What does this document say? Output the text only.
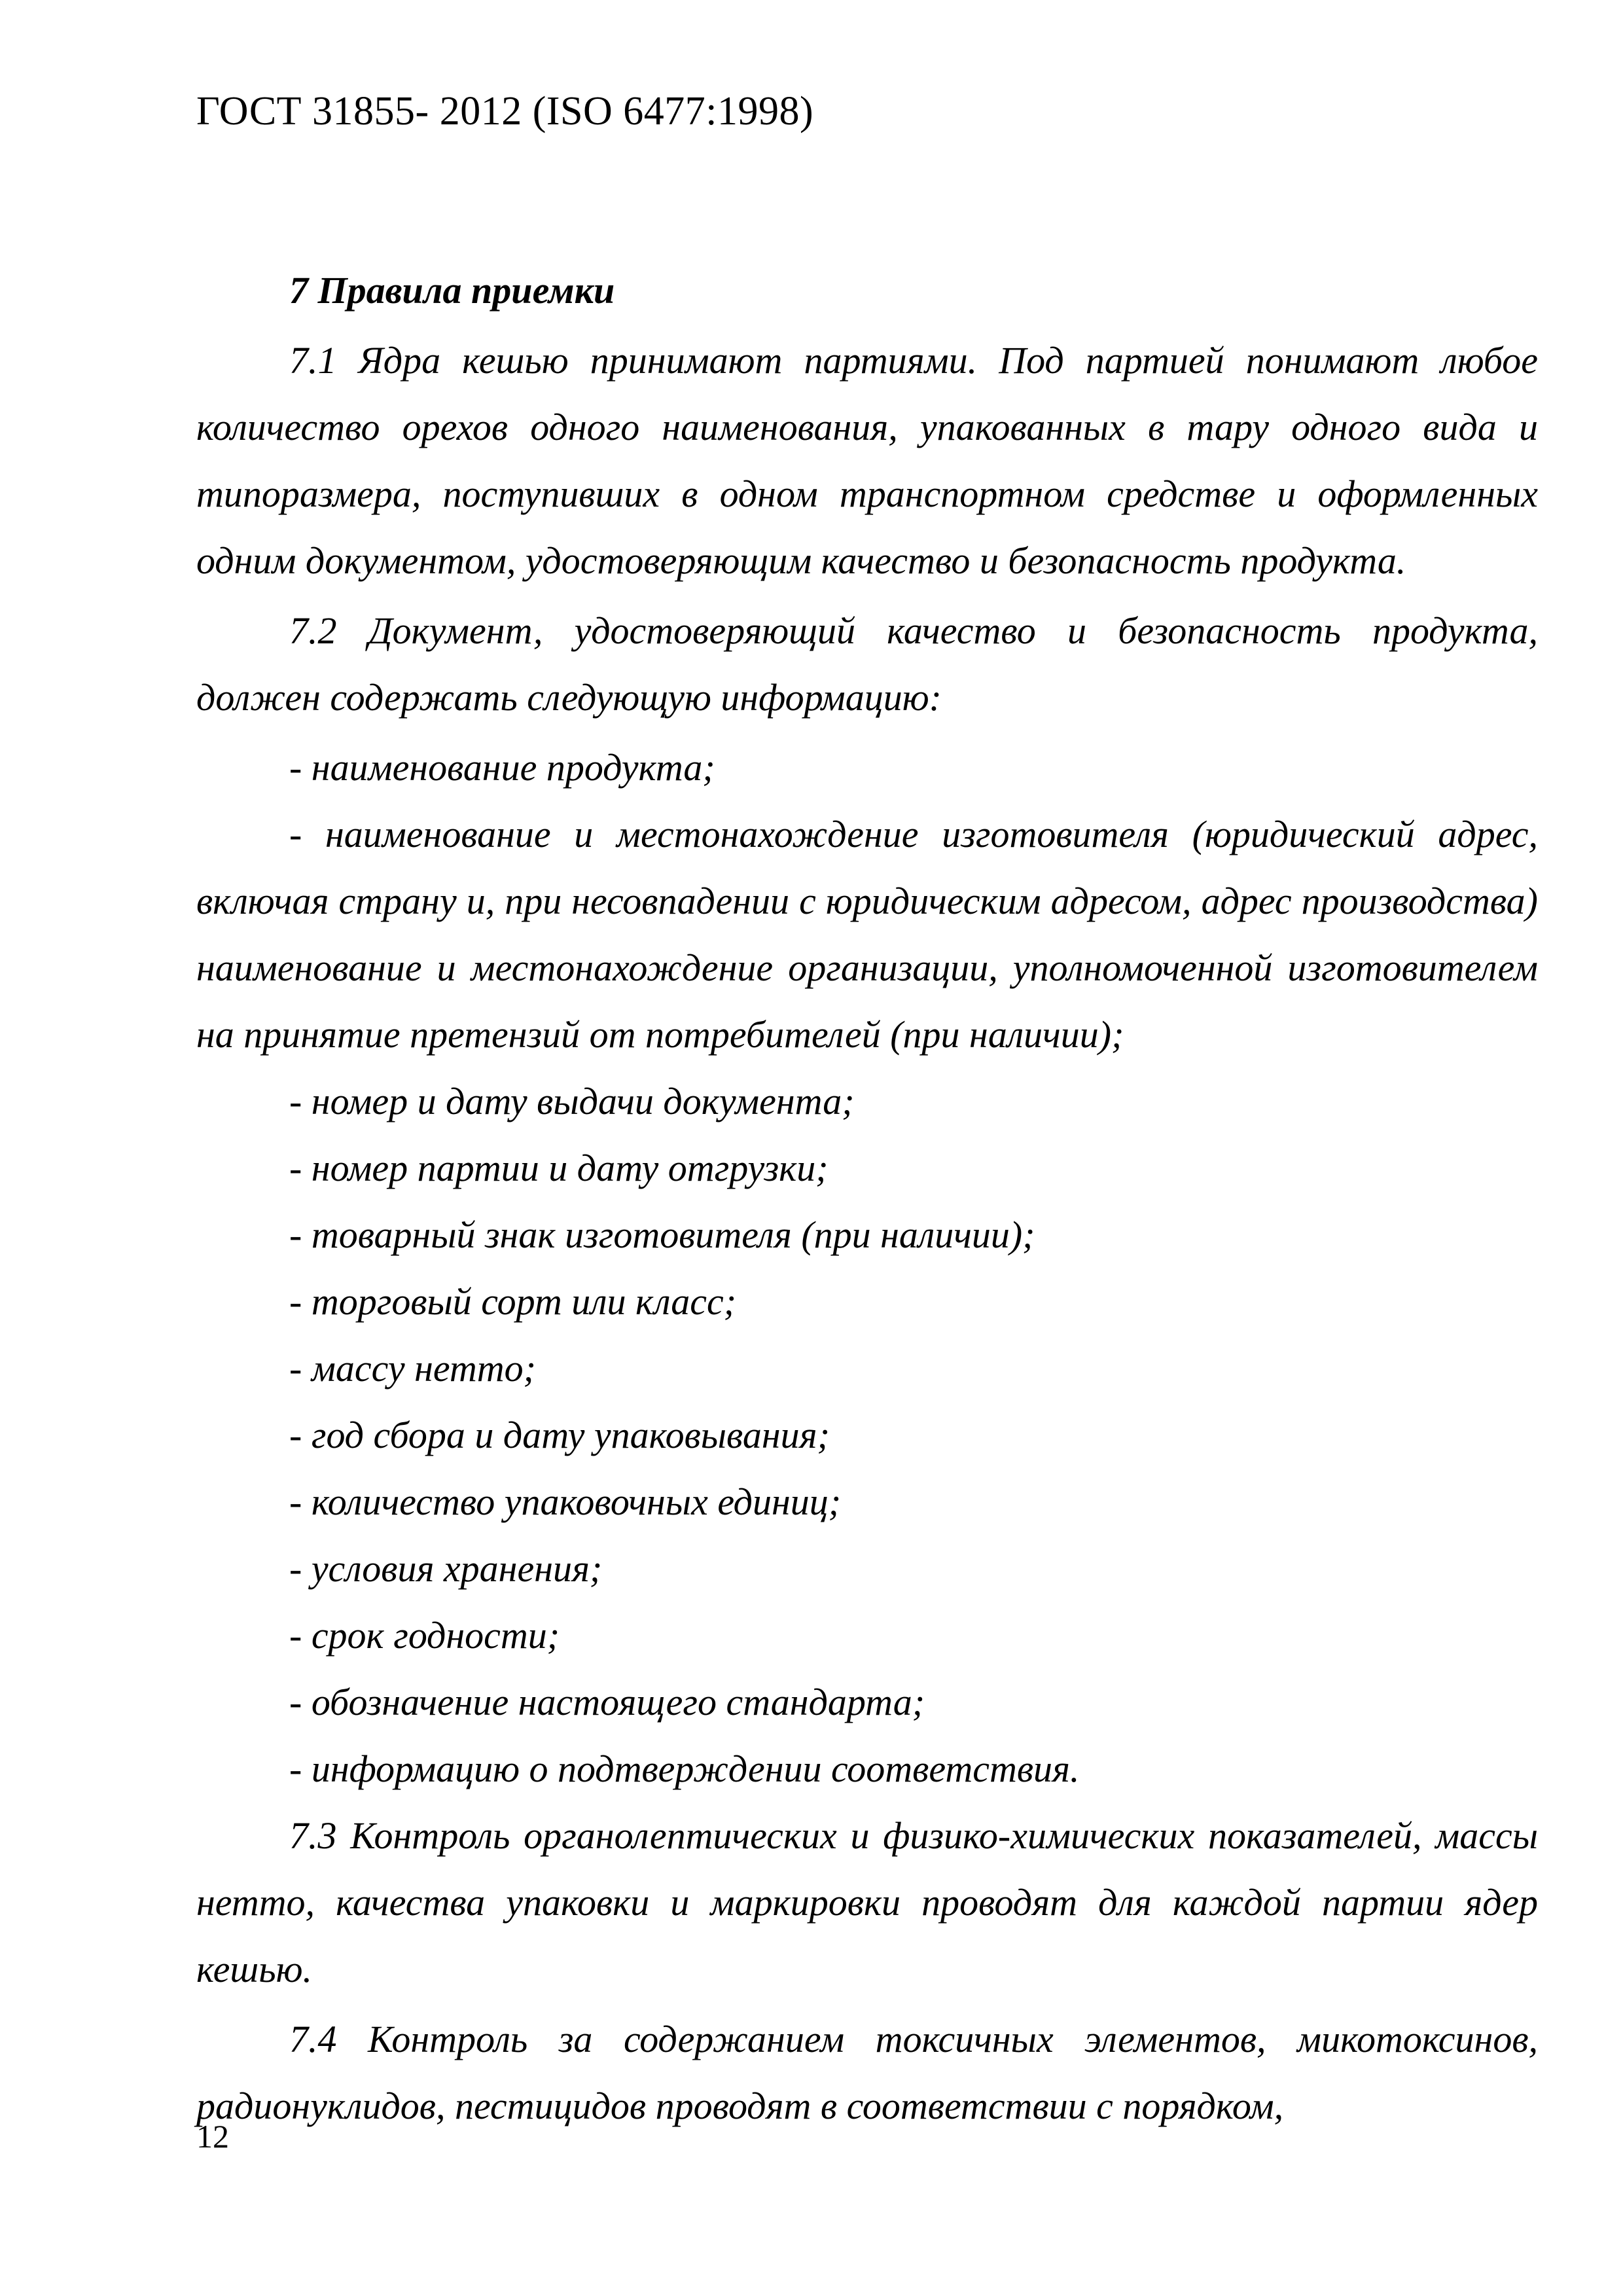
ГОСТ 31855- 2012 (ISO 6477:1998)
7 Правила приемки

7.1 Ядра кешью принимают партиями. Под партией понимают любое количество орехов одного наименования, упакованных в тару одного вида и типоразмера, поступивших в одном транспортном средстве и оформленных одним документом, удостоверяющим качество и безопасность продукта.

7.2 Документ, удостоверяющий качество и безопасность продукта, должен содержать следующую информацию:

- наименование продукта;

- наименование и местонахождение изготовителя (юридический адрес, включая страну и, при несовпадении с юридическим адресом, адрес производства) наименование и местонахождение организации, уполномоченной изготовителем на принятие претензий от потребителей (при наличии);

- номер и дату выдачи документа;

- номер партии и дату отгрузки;

- товарный знак изготовителя (при наличии);

- торговый сорт или класс;

- массу нетто;

- год сбора и дату упаковывания;

- количество упаковочных единиц;

- условия хранения;

- срок годности;

- обозначение настоящего стандарта;

- информацию о подтверждении соответствия.

7.3 Контроль органолептических и физико-химических показателей, массы нетто, качества упаковки и маркировки проводят для каждой партии ядер кешью.

7.4 Контроль за содержанием токсичных элементов, микотоксинов, радионуклидов, пестицидов проводят в соответствии с порядком,

12
